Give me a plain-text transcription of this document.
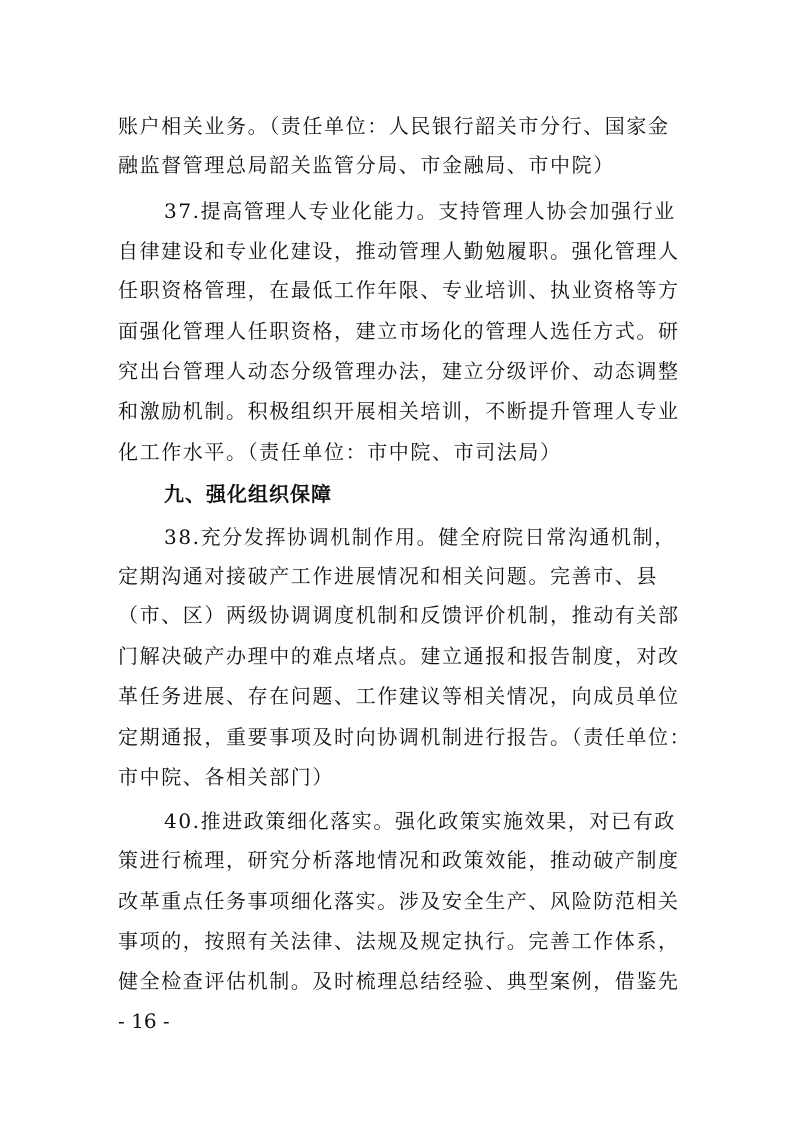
账户相关业务。（责任单位：人民银行韶关市分行、国家金
融监督管理总局韶关监管分局、市金融局、市中院）
37.提高管理人专业化能力。支持管理人协会加强行业
自律建设和专业化建设，推动管理人勤勉履职。强化管理人
任职资格管理，在最低工作年限、专业培训、执业资格等方
面强化管理人任职资格，建立市场化的管理人选任方式。研
究出台管理人动态分级管理办法，建立分级评价、动态调整
和激励机制。积极组织开展相关培训，不断提升管理人专业
化工作水平。（责任单位：市中院、市司法局）
九、强化组织保障
38.充分发挥协调机制作用。健全府院日常沟通机制，
定期沟通对接破产工作进展情况和相关问题。完善市、县
（市、区）两级协调调度机制和反馈评价机制，推动有关部
门解决破产办理中的难点堵点。建立通报和报告制度，对改
革任务进展、存在问题、工作建议等相关情况，向成员单位
定期通报，重要事项及时向协调机制进行报告。（责任单位：
市中院、各相关部门）
40.推进政策细化落实。强化政策实施效果，对已有政
策进行梳理，研究分析落地情况和政策效能，推动破产制度
改革重点任务事项细化落实。涉及安全生产、风险防范相关
事项的，按照有关法律、法规及规定执行。完善工作体系，
健全检查评估机制。及时梳理总结经验、典型案例，借鉴先
- 16 -
